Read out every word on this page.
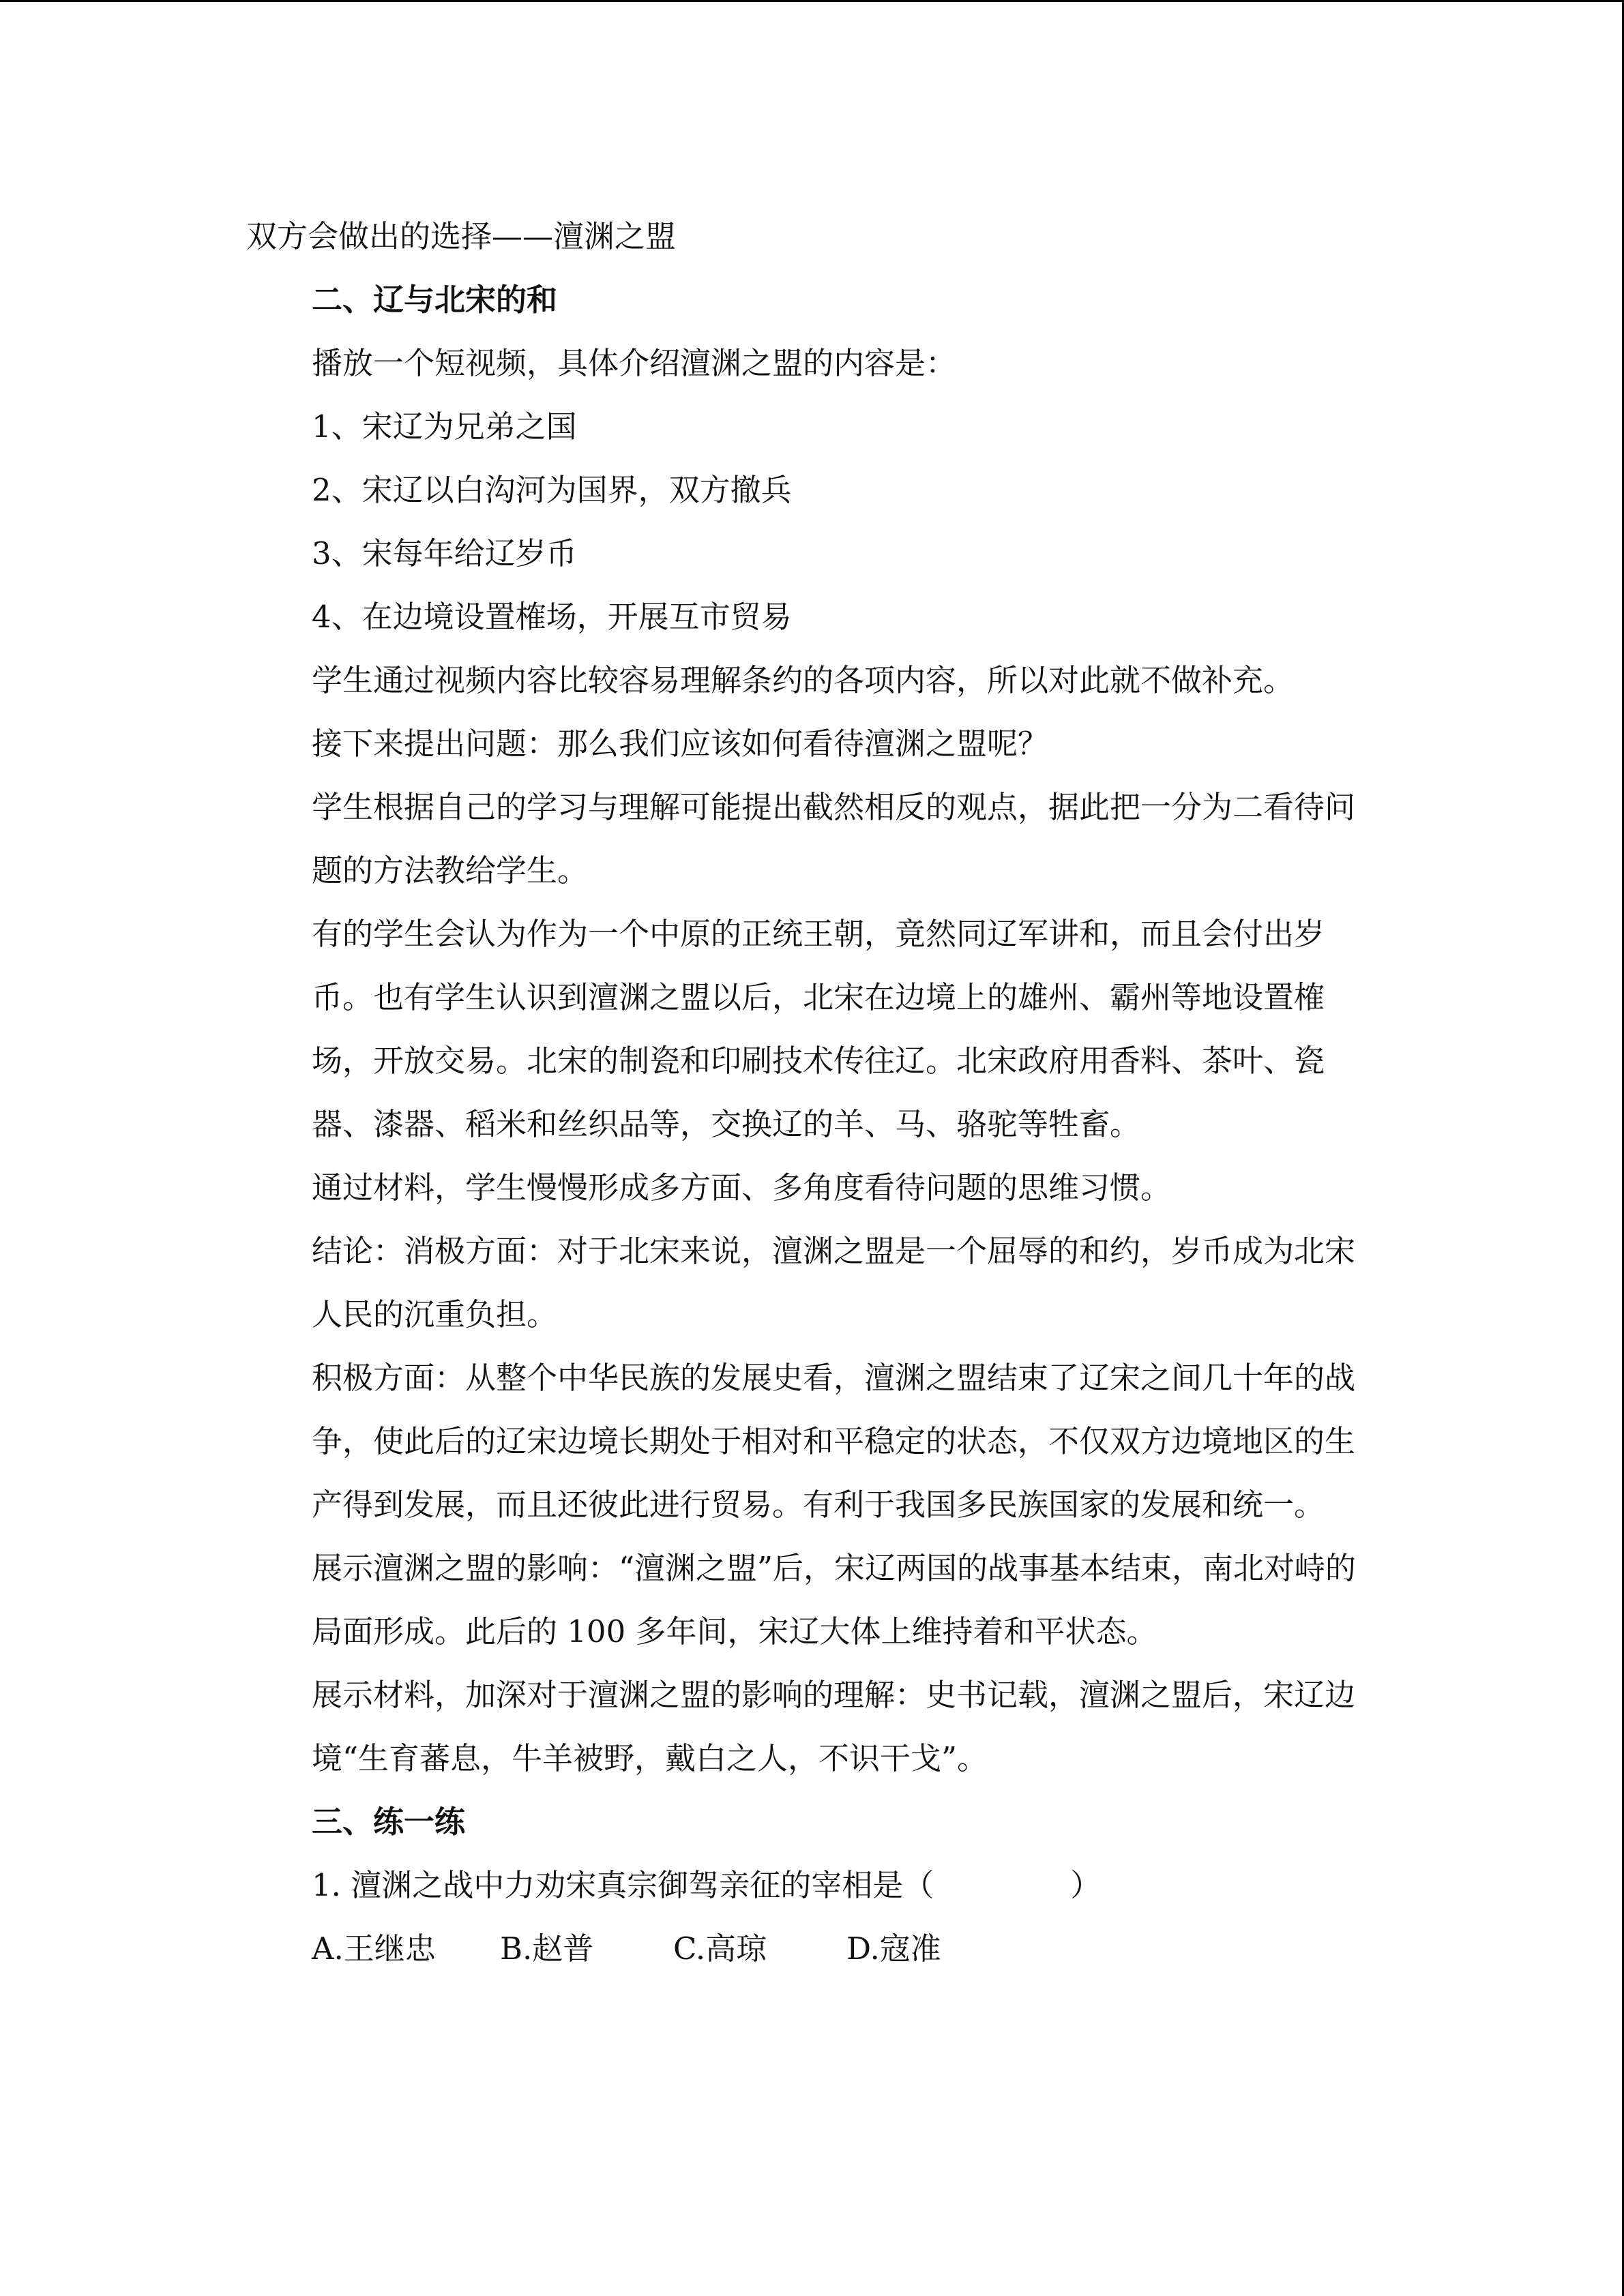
双方会做出的选择——澶渊之盟

二、辽与北宋的和

播放一个短视频，具体介绍澶渊之盟的内容是：

1、宋辽为兄弟之国

2、宋辽以白沟河为国界，双方撤兵

3、宋每年给辽岁币

4、在边境设置榷场，开展互市贸易

学生通过视频内容比较容易理解条约的各项内容，所以对此就不做补充。

接下来提出问题：那么我们应该如何看待澶渊之盟呢？

学生根据自己的学习与理解可能提出截然相反的观点，据此把一分为二看待问题的方法教给学生。

有的学生会认为作为一个中原的正统王朝，竟然同辽军讲和，而且会付出岁币。也有学生认识到澶渊之盟以后，北宋在边境上的雄州、霸州等地设置榷场，开放交易。北宋的制瓷和印刷技术传往辽。北宋政府用香料、茶叶、瓷器、漆器、稻米和丝织品等，交换辽的羊、马、骆驼等牲畜。

通过材料，学生慢慢形成多方面、多角度看待问题的思维习惯。

结论：消极方面：对于北宋来说，澶渊之盟是一个屈辱的和约，岁币成为北宋人民的沉重负担。

积极方面：从整个中华民族的发展史看，澶渊之盟结束了辽宋之间几十年的战争，使此后的辽宋边境长期处于相对和平稳定的状态，不仅双方边境地区的生产得到发展，而且还彼此进行贸易。有利于我国多民族国家的发展和统一。

展示澶渊之盟的影响：“澶渊之盟”后，宋辽两国的战事基本结束，南北对峙的局面形成。此后的 100 多年间，宋辽大体上维持着和平状态。

展示材料，加深对于澶渊之盟的影响的理解：史书记载，澶渊之盟后，宋辽边境“生育蕃息，牛羊被野，戴白之人，不识干戈”。

三、练一练

1. 澶渊之战中力劝宋真宗御驾亲征的宰相是（	）

A.王继忠	B.赵普	C.高琼	D.寇准
